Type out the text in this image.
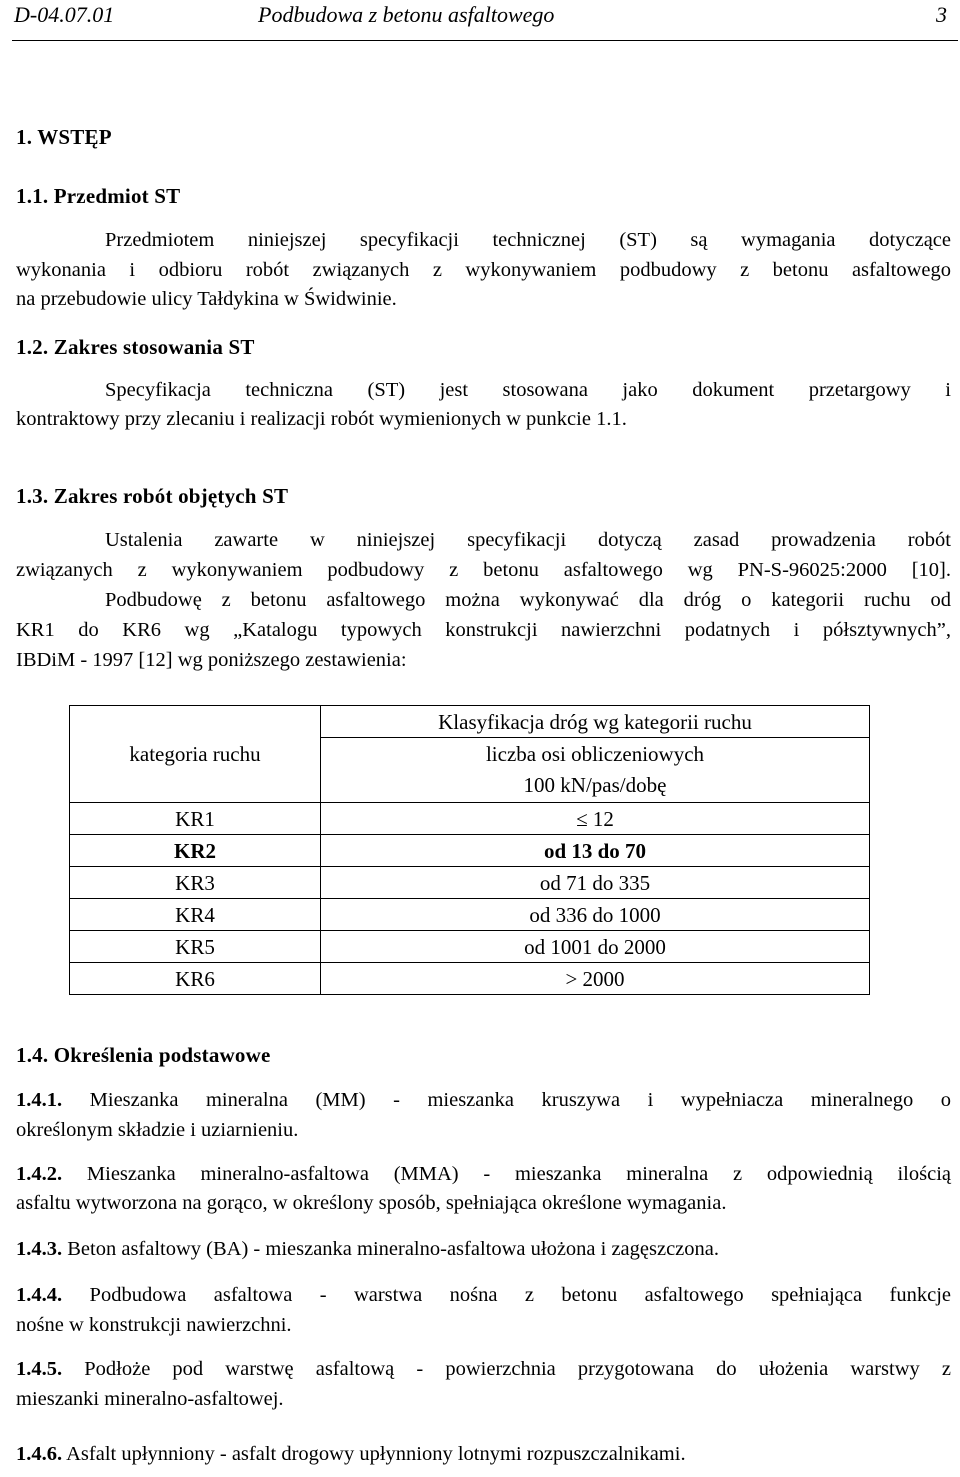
D-04.07.01	Podbudowa z betonu asfaltowego	3
1. WSTĘP
1.1. Przedmiot ST
Przedmiotem niniejszej specyfikacji technicznej (ST) są wymagania dotyczące
wykonania i odbioru robót związanych z wykonywaniem podbudowy z betonu asfaltowego
na przebudowie ulicy Tałdykina w Świdwinie.
1.2. Zakres stosowania ST
Specyfikacja techniczna (ST) jest stosowana jako dokument przetargowy i
kontraktowy przy zlecaniu i realizacji robót wymienionych w punkcie 1.1.
1.3. Zakres robót objętych ST
Ustalenia zawarte w niniejszej specyfikacji dotyczą zasad prowadzenia robót
związanych z wykonywaniem podbudowy z betonu asfaltowego wg PN-S-96025:2000 [10].
Podbudowę z betonu asfaltowego można wykonywać dla dróg o kategorii ruchu od
KR1 do KR6 wg „Katalogu typowych konstrukcji nawierzchni podatnych i półsztywnych”,
IBDiM - 1997 [12] wg poniższego zestawienia:
kategoria ruchu	Klasyfikacja dróg wg kategorii ruchu

	liczba osi obliczeniowych
100 kN/pas/dobę

KR1	≤ 12
KR2	od 13 do 70
KR3	od 71 do 335
KR4	od 336 do 1000
KR5	od 1001 do 2000
KR6	> 2000
1.4. Określenia podstawowe
1.4.1. Mieszanka mineralna (MM) - mieszanka kruszywa i wypełniacza mineralnego o
określonym składzie i uziarnieniu.
1.4.2. Mieszanka mineralno-asfaltowa (MMA) - mieszanka mineralna z odpowiednią ilością
asfaltu wytworzona na gorąco, w określony sposób, spełniająca określone wymagania.
1.4.3. Beton asfaltowy (BA) - mieszanka mineralno-asfaltowa ułożona i zagęszczona.
1.4.4. Podbudowa asfaltowa - warstwa nośna z betonu asfaltowego spełniająca funkcje
nośne w konstrukcji nawierzchni.
1.4.5. Podłoże pod warstwę asfaltową - powierzchnia przygotowana do ułożenia warstwy z
mieszanki mineralno-asfaltowej.
1.4.6. Asfalt upłynniony - asfalt drogowy upłynniony lotnymi rozpuszczalnikami.
